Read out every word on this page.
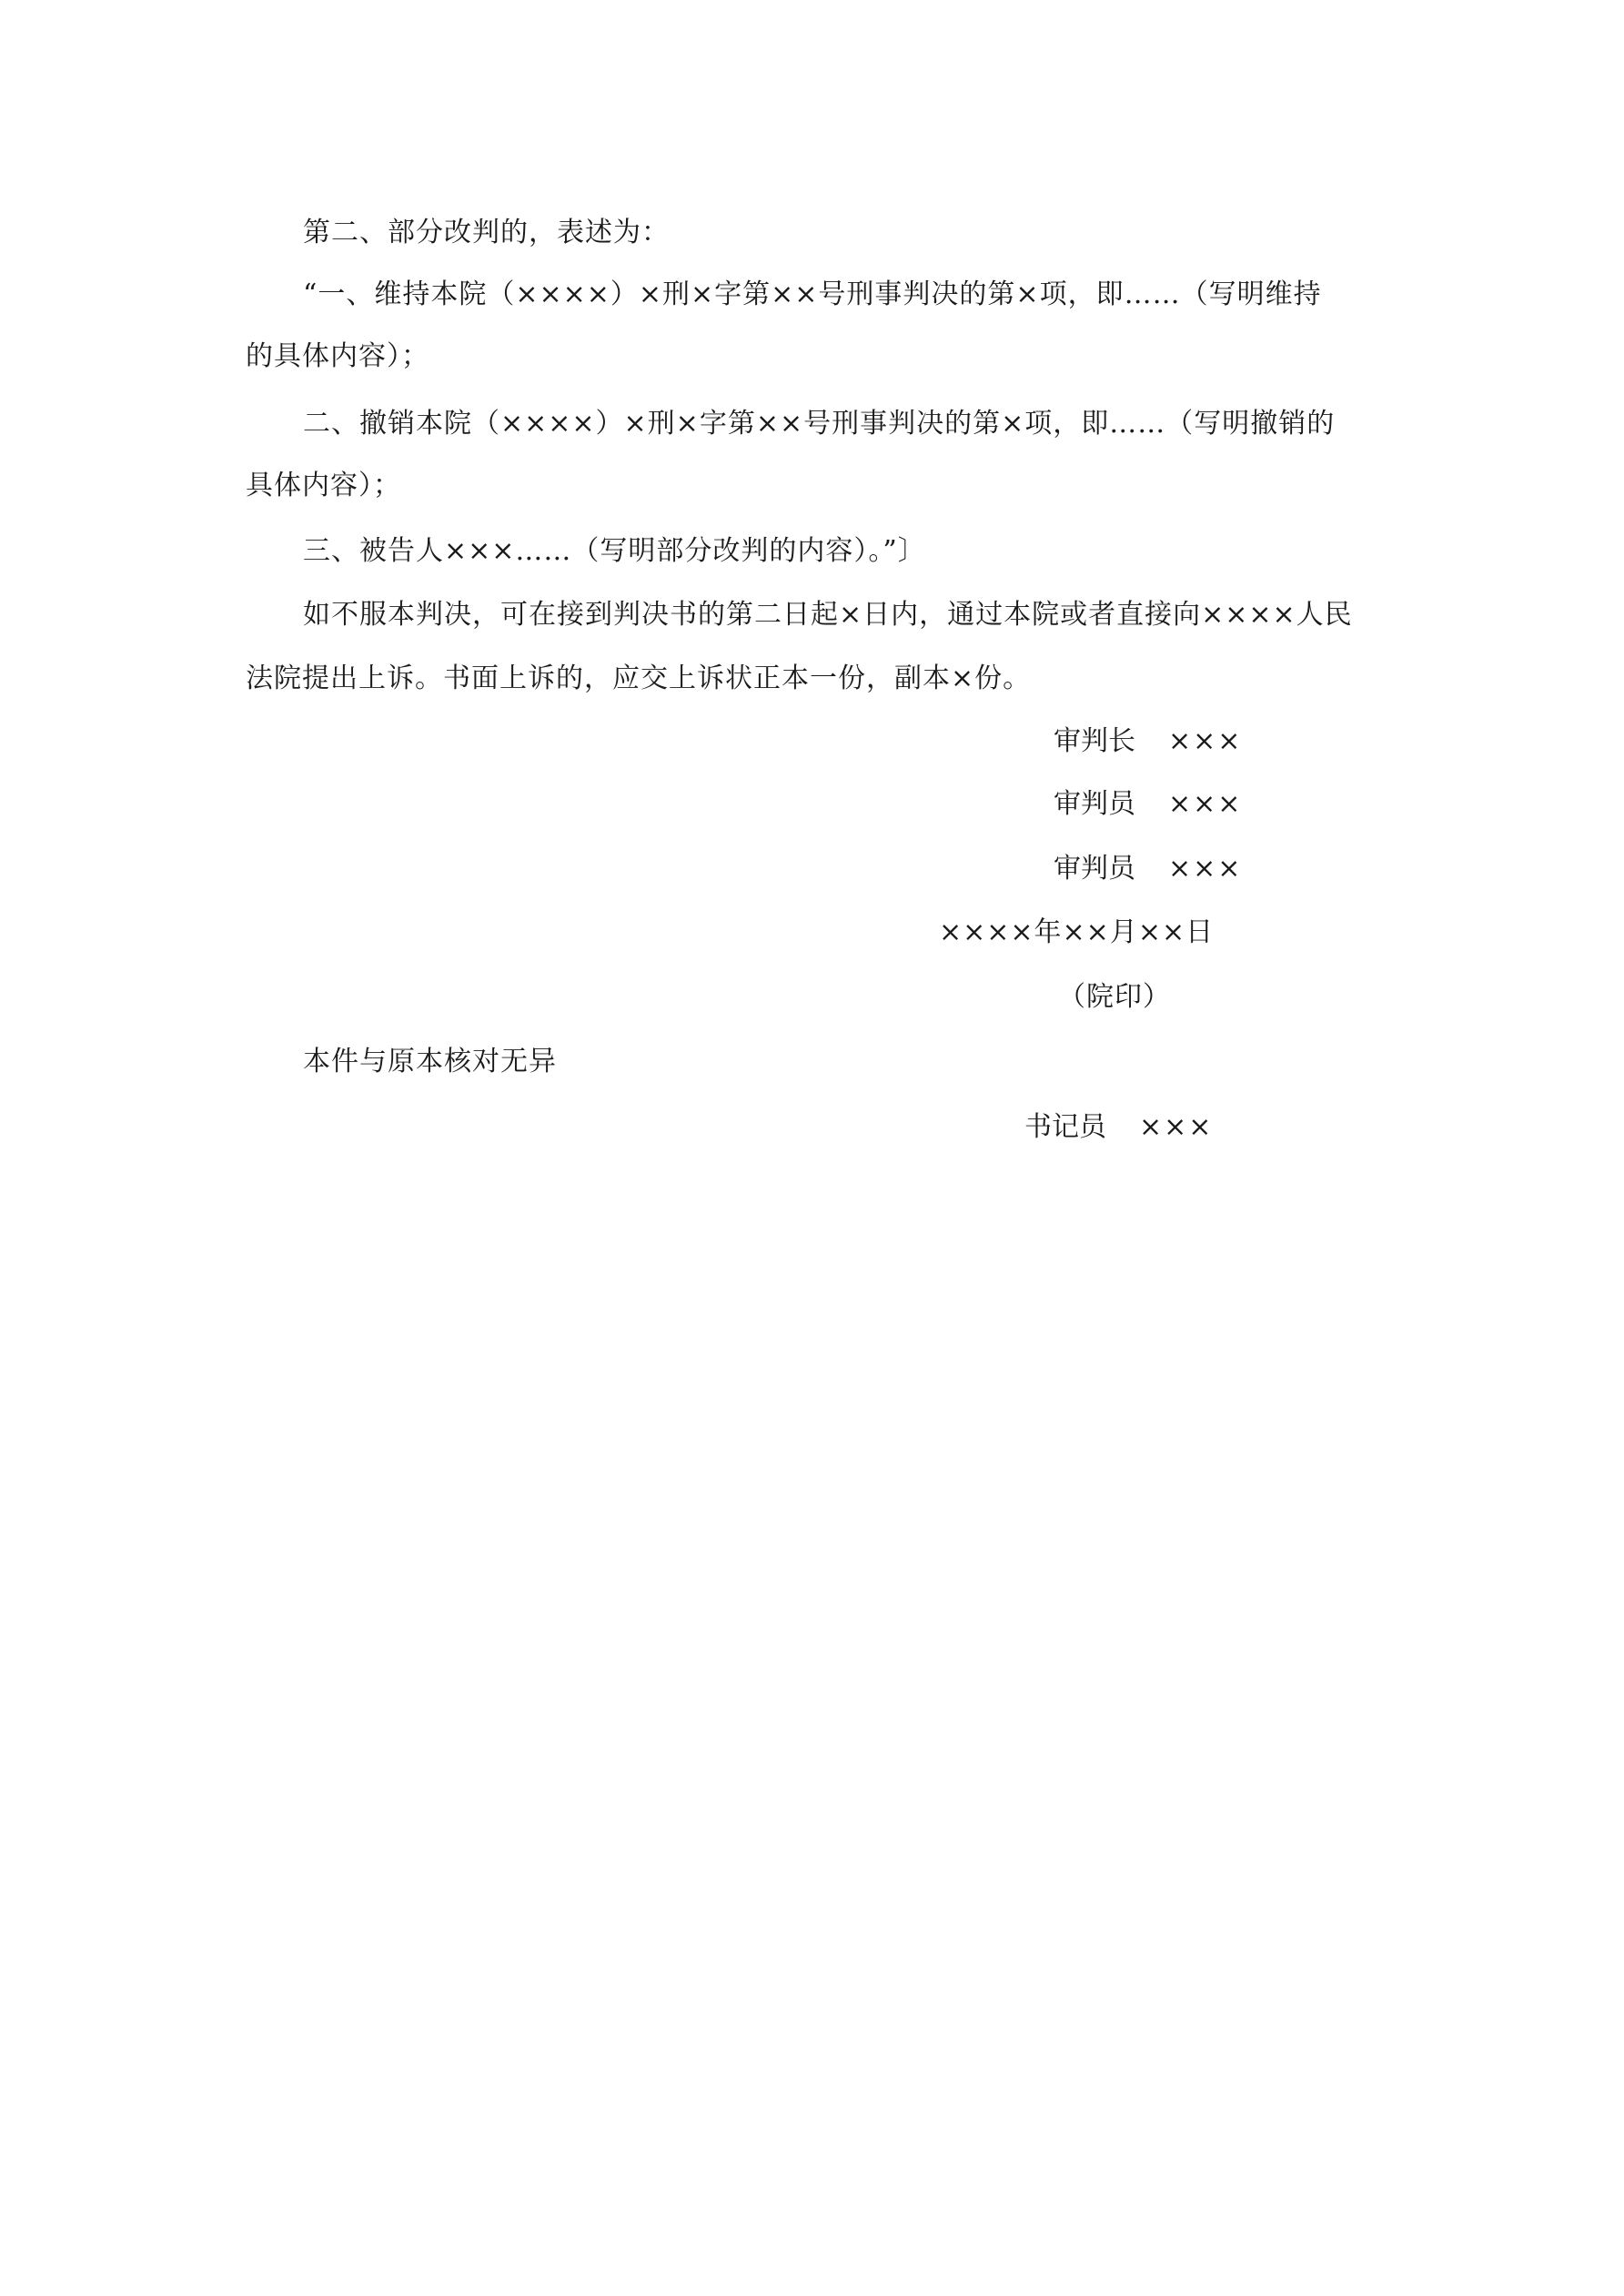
第二、部分改判的，表述为：
“一、维持本院（××××）×刑×字第××号刑事判决的第×项，即……（写明维持
的具体内容）；
二、撤销本院（××××）×刑×字第××号刑事判决的第×项，即……（写明撤销的
具体内容）；
三、被告人×××……（写明部分改判的内容）。”〕
如不服本判决，可在接到判决书的第二日起×日内，通过本院或者直接向××××人民
法院提出上诉。书面上诉的，应交上诉状正本一份，副本×份。
审判长 ×××
审判员 ×××
审判员 ×××
××××年××月××日
（院印）
本件与原本核对无异
书记员 ×××
